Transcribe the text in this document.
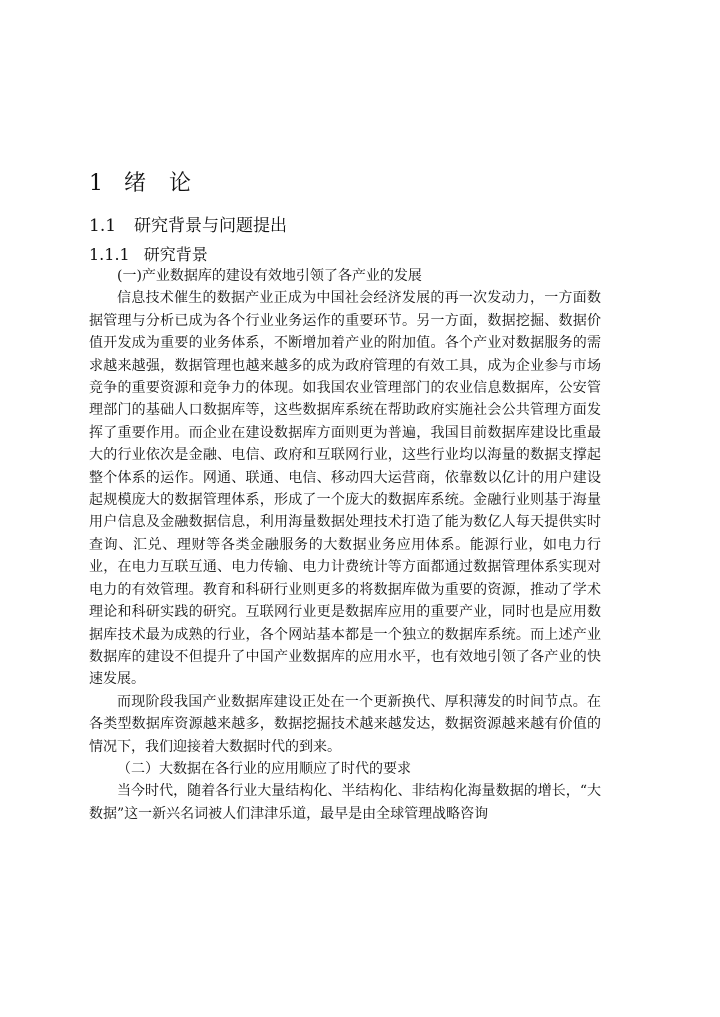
1 绪 论
1.1 研究背景与问题提出
1.1.1 研究背景

(一)产业数据库的建设有效地引领了各产业的发展

信息技术催生的数据产业正成为中国社会经济发展的再一次发动力，一方面数据管理与分析已成为各个行业业务运作的重要环节。另一方面，数据挖掘、数据价值开发成为重要的业务体系，不断增加着产业的附加值。各个产业对数据服务的需求越来越强，数据管理也越来越多的成为政府管理的有效工具，成为企业参与市场竞争的重要资源和竞争力的体现。如我国农业管理部门的农业信息数据库，公安管理部门的基础人口数据库等，这些数据库系统在帮助政府实施社会公共管理方面发挥了重要作用。而企业在建设数据库方面则更为普遍，我国目前数据库建设比重最大的行业依次是金融、电信、政府和互联网行业，这些行业均以海量的数据支撑起整个体系的运作。网通、联通、电信、移动四大运营商，依靠数以亿计的用户建设起规模庞大的数据管理体系，形成了一个庞大的数据库系统。金融行业则基于海量用户信息及金融数据信息，利用海量数据处理技术打造了能为数亿人每天提供实时查询、汇兑、理财等各类金融服务的大数据业务应用体系。能源行业，如电力行业，在电力互联互通、电力传输、电力计费统计等方面都通过数据管理体系实现对电力的有效管理。教育和科研行业则更多的将数据库做为重要的资源，推动了学术理论和科研实践的研究。互联网行业更是数据库应用的重要产业，同时也是应用数据库技术最为成熟的行业，各个网站基本都是一个独立的数据库系统。而上述产业数据库的建设不但提升了中国产业数据库的应用水平，也有效地引领了各产业的快速发展。

而现阶段我国产业数据库建设正处在一个更新换代、厚积薄发的时间节点。在各类型数据库资源越来越多，数据挖掘技术越来越发达，数据资源越来越有价值的情况下，我们迎接着大数据时代的到来。

（二）大数据在各行业的应用顺应了时代的要求

当今时代，随着各行业大量结构化、半结构化、非结构化海量数据的增长，“大数据”这一新兴名词被人们津津乐道，最早是由全球管理战略咨询
